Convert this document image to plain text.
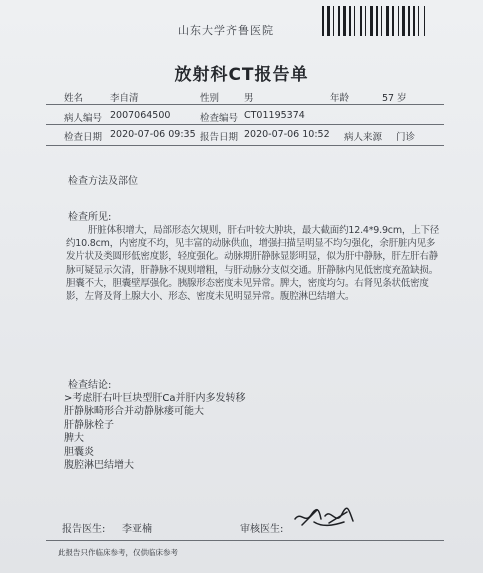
山东大学齐鲁医院
放射科CT报告单
姓名	李自清	性别	男	年龄	57 岁
病人编号 2007064500	检查编号 CT01195374
检查日期 2020-07-06 09:35 报告日期 2020-07-06 10:52 病人来源 门诊
检查方法及部位
检查所见:
肝脏体积增大，局部形态欠规则，肝右叶较大肿块，最大截面约12.4*9.9cm，上下径约10.8cm，内密度不均，见丰富的动脉供血，增强扫描呈明显不均匀强化，余肝脏内见多发片状及类圆形低密度影，轻度强化。动脉期肝静脉显影明显，似为肝中静脉，肝左肝右静脉可疑显示欠清，肝静脉不规则增粗，与肝动脉分支似交通。肝静脉内见低密度充盈缺损。胆囊不大，胆囊壁厚强化。胰腺形态密度未见异常。脾大，密度均匀。右肾见条状低密度影，左肾及肾上腺大小、形态、密度未见明显异常。腹腔淋巴结增大。
检查结论:
>考虑肝右叶巨块型肝Ca并肝内多发转移
肝静脉畸形合并动静脉瘘可能大
肝静脉栓子
脾大
胆囊炎
腹腔淋巴结增大
报告医生: 李亚楠	审核医生:
此报告只作临床参考，仅供临床参考
